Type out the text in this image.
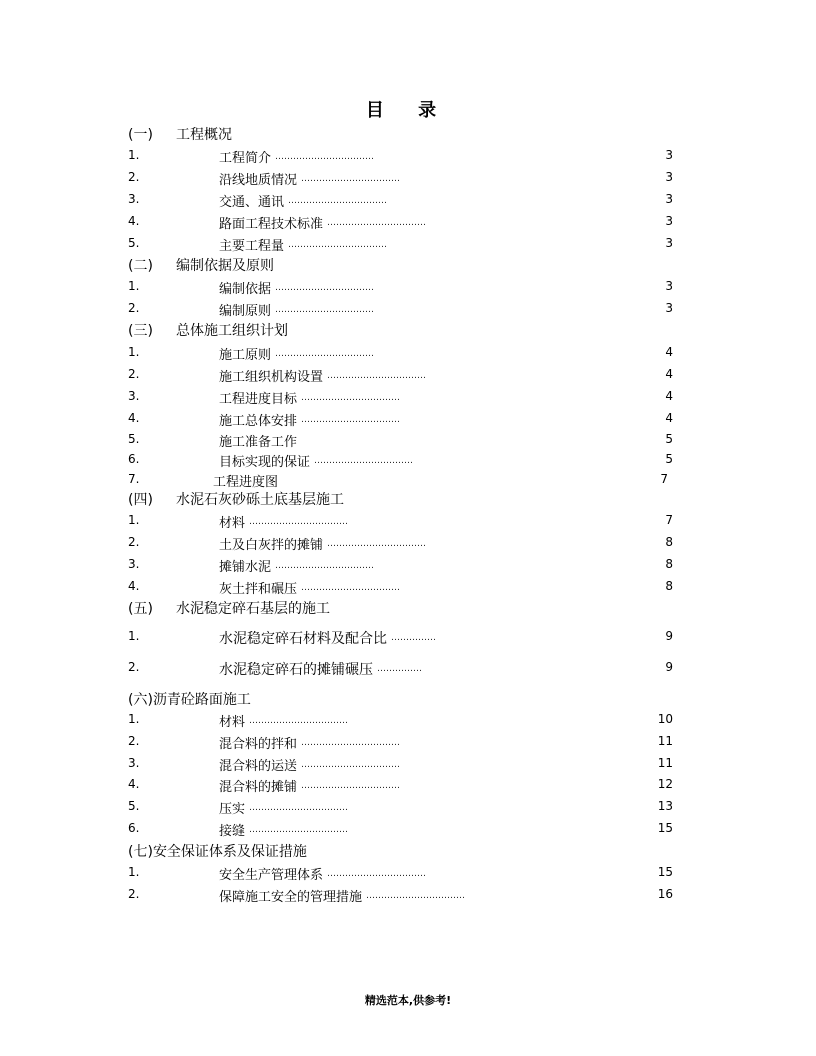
目 录
(一) 工程概况
1.	工程简介 ……………………………	3
2.	沿线地质情况 ……………………………	3
3.	交通、通讯 ……………………………	3
4.	路面工程技术标准 ……………………………	3
5.	主要工程量 ……………………………	3
(二) 编制依据及原则
1.	编制依据 ……………………………	3
2.	编制原则 ……………………………	3
(三) 总体施工组织计划
1.	施工原则 ……………………………	4
2.	施工组织机构设置 ……………………………	4
3.	工程进度目标 ……………………………	4
4.	施工总体安排 ……………………………	4
5.	施工准备工作	5
6.	目标实现的保证 ……………………………	5
7.	工程进度图	7
(四) 水泥石灰砂砾土底基层施工
1.	材料 ……………………………	7
2.	土及白灰拌的摊铺 ……………………………	8
3.	摊铺水泥 ……………………………	8
4.	灰土拌和碾压 ……………………………	8
(五) 水泥稳定碎石基层的施工
1.	水泥稳定碎石材料及配合比 ……………	9
2.	水泥稳定碎石的摊铺碾压 ……………	9
(六)沥青砼路面施工
1.	材料 ……………………………	10
2.	混合料的拌和 ……………………………	11
3.	混合料的运送 ……………………………	11
4.	混合料的摊铺 ……………………………	12
5.	压实 ……………………………	13
6.	接缝 ……………………………	15
(七)安全保证体系及保证措施
1.	安全生产管理体系 ……………………………	15
2.	保障施工安全的管理措施 ……………………………	16
精选范本,供参考!
